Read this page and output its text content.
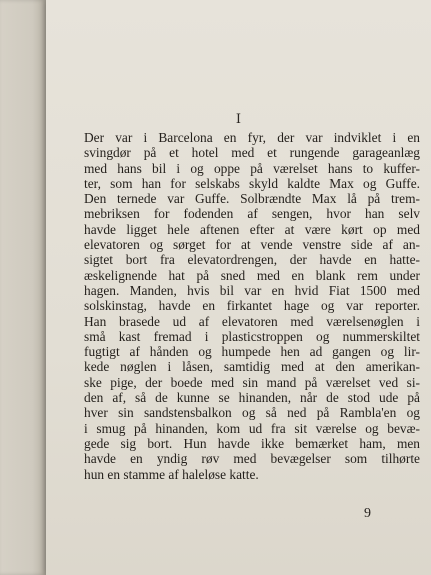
I
Der var i Barcelona en fyr, der var indviklet i en
svingdør på et hotel med et rungende garageanlæg
med hans bil i og oppe på værelset hans to kuffer-
ter, som han for selskabs skyld kaldte Max og Guffe.
Den ternede var Guffe. Solbrændte Max lå på trem-
mebriksen for fodenden af sengen, hvor han selv
havde ligget hele aftenen efter at være kørt op med
elevatoren og sørget for at vende venstre side af an-
sigtet bort fra elevatordrengen, der havde en hatte-
æskelignende hat på sned med en blank rem under
hagen. Manden, hvis bil var en hvid Fiat 1500 med
solskinstag, havde en firkantet hage og var reporter.
Han brasede ud af elevatoren med værelsenøglen i
små kast fremad i plasticstroppen og nummerskiltet
fugtigt af hånden og humpede hen ad gangen og lir-
kede nøglen i låsen, samtidig med at den amerikan-
ske pige, der boede med sin mand på værelset ved si-
den af, så de kunne se hinanden, når de stod ude på
hver sin sandstensbalkon og så ned på Rambla'en og
i smug på hinanden, kom ud fra sit værelse og bevæ-
gede sig bort. Hun havde ikke bemærket ham, men
havde en yndig røv med bevægelser som tilhørte
hun en stamme af haleløse katte.
9
